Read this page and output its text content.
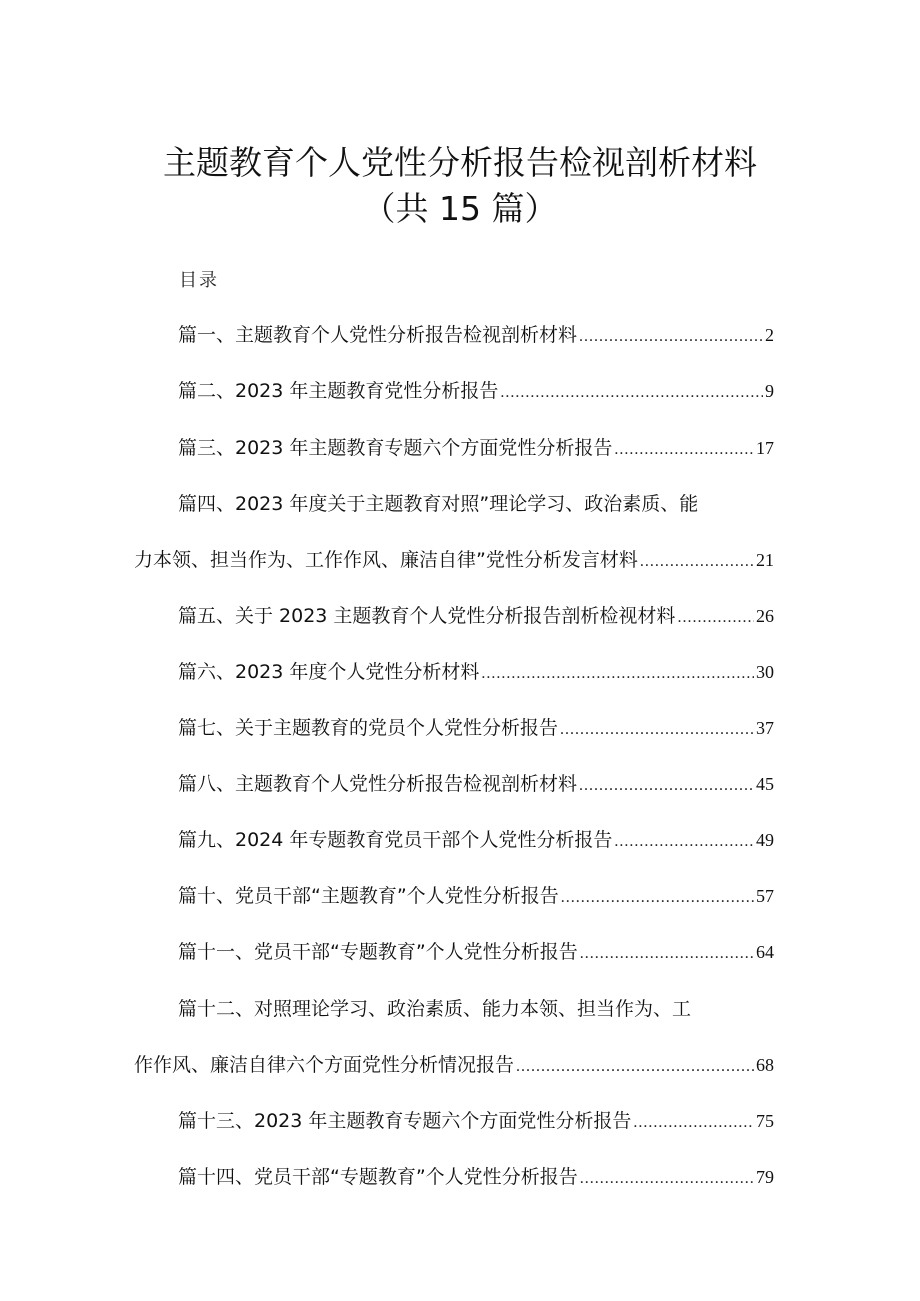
主题教育个人党性分析报告检视剖析材料
（共 15 篇）
目录
篇一、主题教育个人党性分析报告检视剖析材料 .....	2
篇二、2023 年主题教育党性分析报告 .....	9
篇三、2023 年主题教育专题六个方面党性分析报告 .....	17
篇四、2023 年度关于主题教育对照”理论学习、政治素质、能
力本领、担当作为、工作作风、廉洁自律”党性分析发言材料 .....	21
篇五、关于 2023 主题教育个人党性分析报告剖析检视材料 .....	26
篇六、2023 年度个人党性分析材料 .....	30
篇七、关于主题教育的党员个人党性分析报告 .....	37
篇八、主题教育个人党性分析报告检视剖析材料 .....	45
篇九、2024 年专题教育党员干部个人党性分析报告 .....	49
篇十、党员干部“主题教育”个人党性分析报告 .....	57
篇十一、党员干部“专题教育”个人党性分析报告 .....	64
篇十二、对照理论学习、政治素质、能力本领、担当作为、工
作作风、廉洁自律六个方面党性分析情况报告 .....	68
篇十三、2023 年主题教育专题六个方面党性分析报告 .....	75
篇十四、党员干部“专题教育”个人党性分析报告 .....	79
